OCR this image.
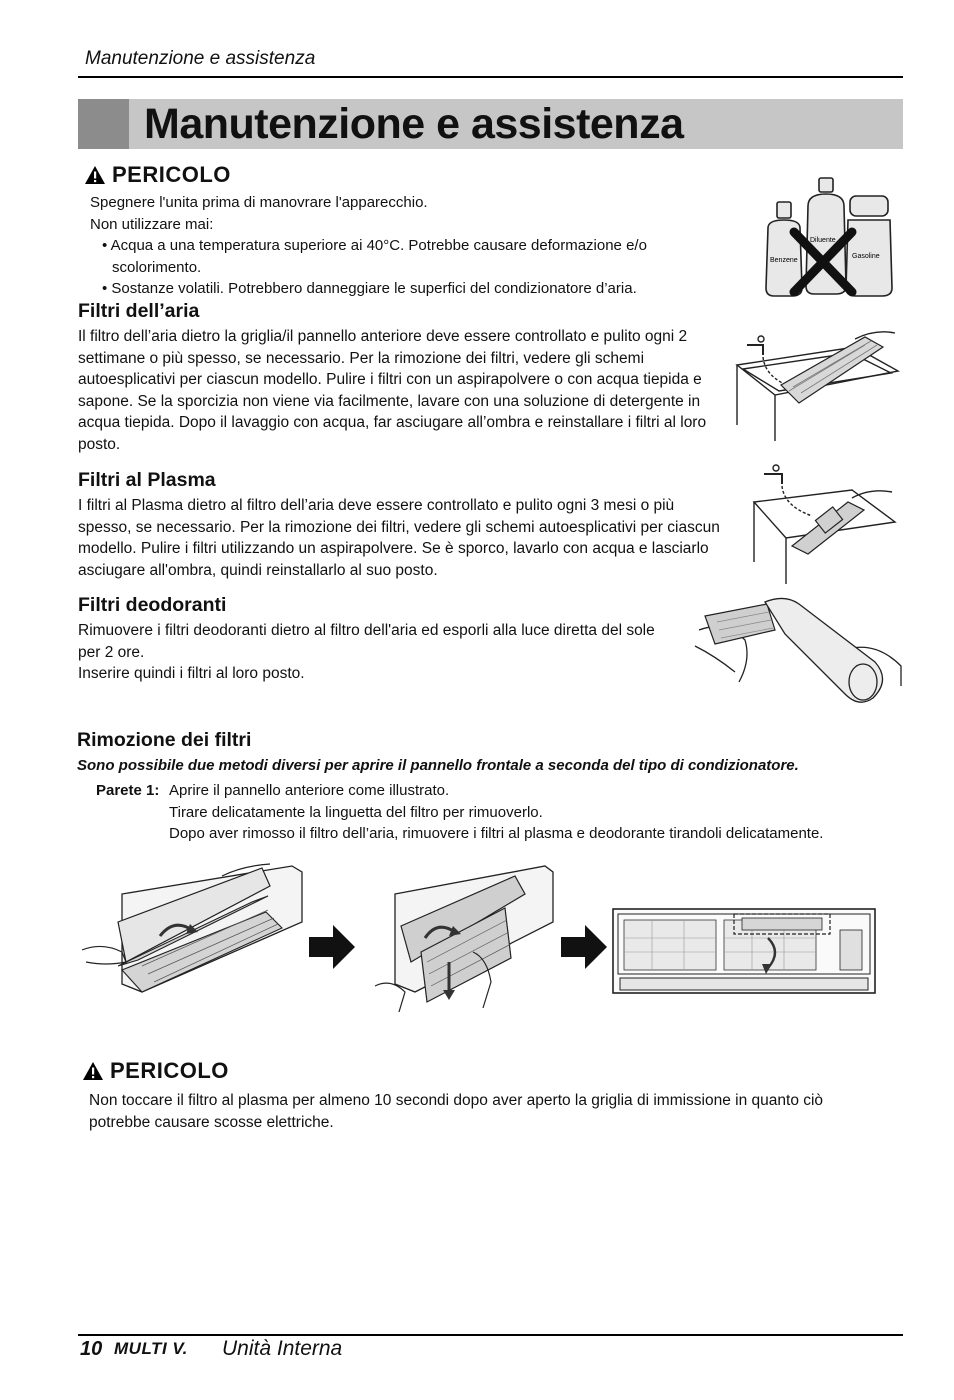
Manutenzione e assistenza
Manutenzione e assistenza
PERICOLO
Spegnere l'unita prima di manovrare l'apparecchio.
Non utilizzare mai:
• Acqua a una temperatura superiore ai 40°C. Potrebbe causare deformazione e/o scolorimento.
• Sostanze volatili. Potrebbero danneggiare le superfici del condizionatore d’aria.
Benzene
Diluente
Gasoline
Filtri dell’aria
Il filtro dell’aria dietro la griglia/il pannello anteriore deve essere controllato e pulito ogni 2 settimane o più spesso, se necessario. Per la rimozione dei filtri, vedere gli schemi autoesplicativi per ciascun modello. Pulire i filtri con un aspirapolvere o con acqua tiepida e sapone. Se la sporcizia non viene via facilmente, lavare con una soluzione di detergente in acqua tiepida. Dopo il lavaggio con acqua, far asciugare all’ombra e reinstallare i filtri al loro posto.
Filtri al Plasma
I filtri al Plasma dietro al filtro dell’aria deve essere controllato e pulito ogni 3 mesi o più spesso, se necessario. Per la rimozione dei filtri, vedere gli schemi autoesplicativi per ciascun modello. Pulire i filtri utilizzando un aspirapolvere. Se è sporco, lavarlo con acqua e lasciarlo asciugare all'ombra, quindi reinstallarlo al suo posto.
Filtri deodoranti
Rimuovere i filtri deodoranti dietro al filtro dell'aria ed esporli alla luce diretta del sole per 2 ore.
Inserire quindi i filtri al loro posto.
Rimozione dei filtri
Sono possibile due metodi diversi per aprire il pannello frontale a seconda del tipo di condizionatore.
Parete 1: Aprire il pannello anteriore come illustrato.
Tirare delicatamente la linguetta del filtro per rimuoverlo.
Dopo aver rimosso il filtro dell’aria, rimuovere i filtri al plasma e deodorante tirandoli delicatamente.
PERICOLO
Non toccare il filtro al plasma per almeno 10 secondi dopo aver aperto la griglia di immissione in quanto ciò potrebbe causare scosse elettriche.
10 MULTI V. Unità Interna
